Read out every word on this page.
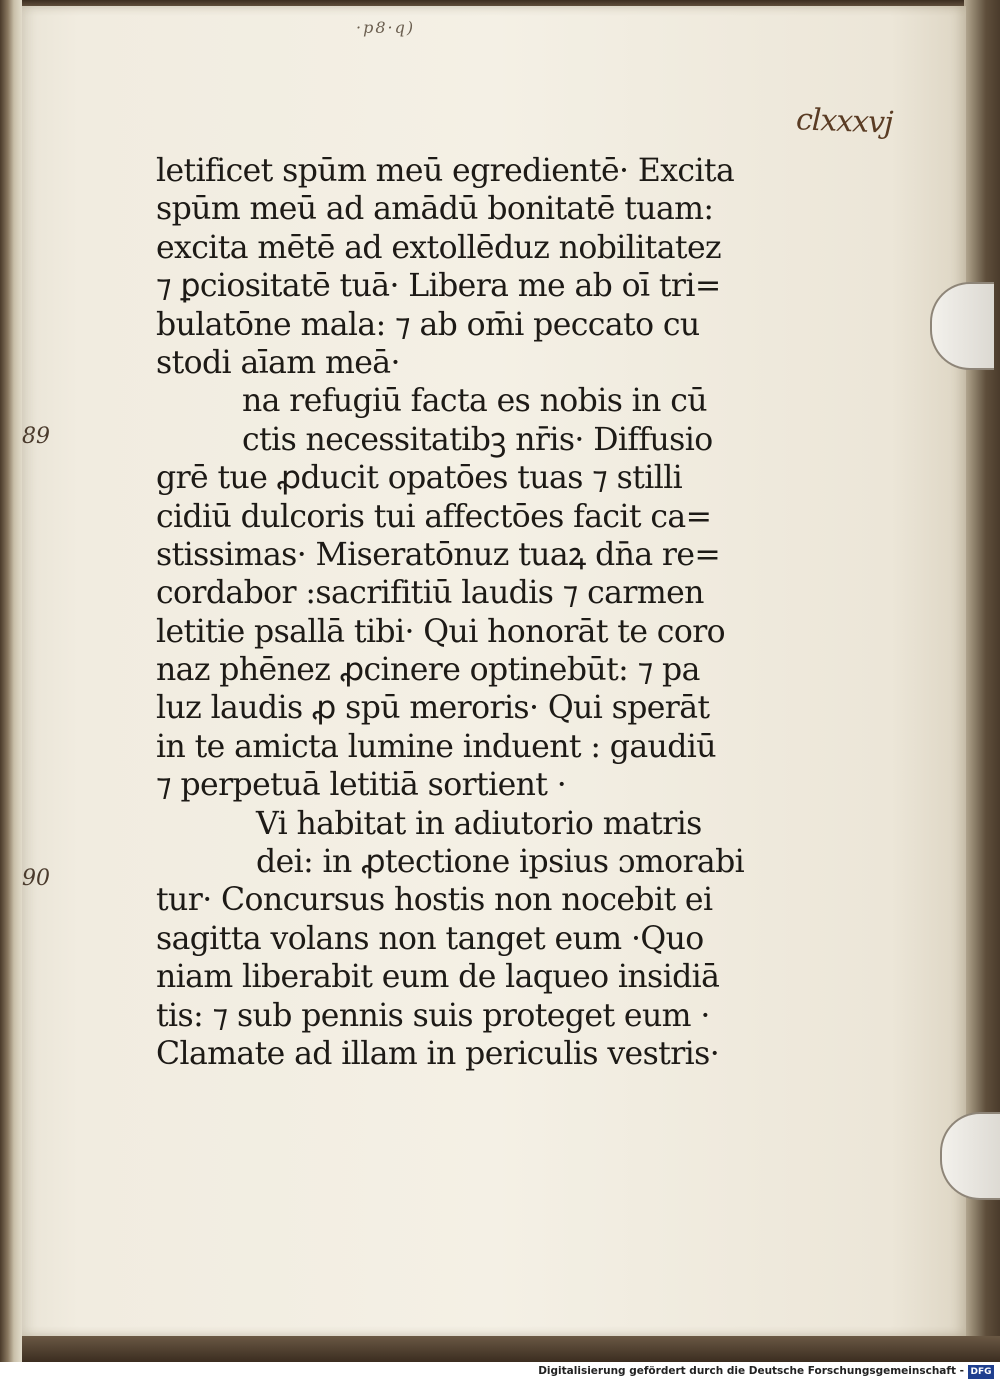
·p8·q)
clxxxvj
89
90
letificet spūm meū egredientē· Excita
spūm meū ad amādū bonitatē tuam:
excita mētē ad extollēduz nobilitatez
⁊ ꝑciositatē tuā· Libera me ab oī tri=
bulatōne mala: ⁊ ab om̄i peccato cu
stodi aīam meā·
na refugiū facta es nobis in cū
ctis necessitatibꝫ nr̄is· Diffusio
grē tue ꝓducit opatōes tuas ⁊ stilli
cidiū dulcoris tui affectōes facit ca=
stissimas· Miseratōnuz tuaꝝ dn̄a re=
cordabor :sacrifitiū laudis ⁊ carmen
letitie psallā tibi· Qui honorāt te coro
naz phēnez ꝓcinere optinebūt: ⁊ pa
luz laudis ꝓ spū meroris· Qui sperāt
in te amicta lumine induent : gaudiū
⁊ perpetuā letitiā sortient ·
Vi habitat in adiutorio matris
dei: in ꝓtectione ipsius ɔmorabi
tur· Concursus hostis non nocebit ei
sagitta volans non tanget eum ·Quo
niam liberabit eum de laqueo insidiā
tis: ⁊ sub pennis suis proteget eum ·
Clamate ad illam in periculis vestris·
Digitalisierung gefördert durch die Deutsche Forschungsgemeinschaft - DFG
